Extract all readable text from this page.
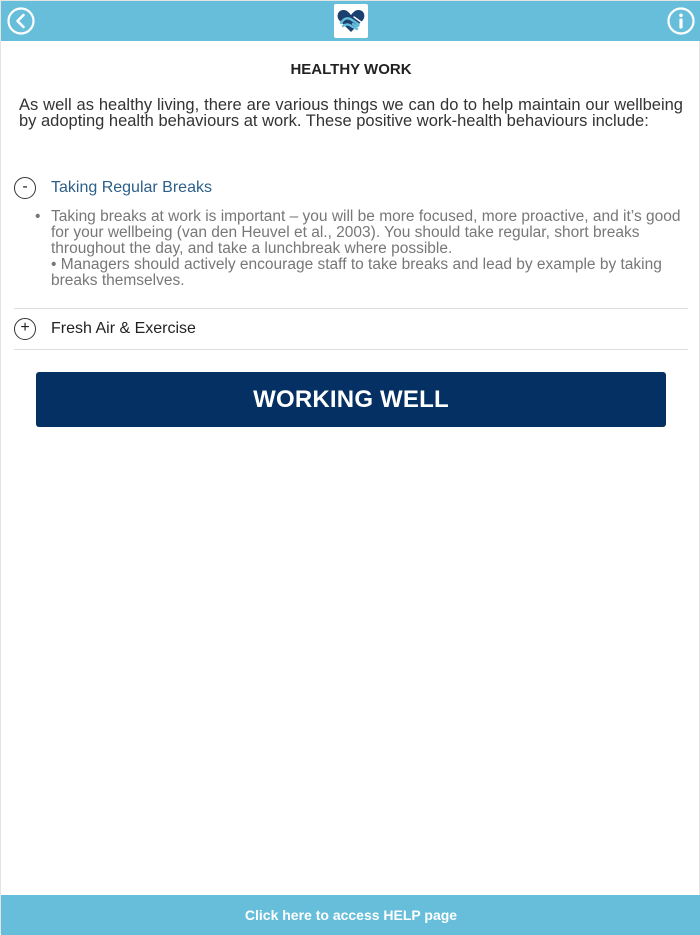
HEALTHY WORK
As well as healthy living, there are various things we can do to help maintain our wellbeing by adopting health behaviours at work. These positive work-health behaviours include:
-	Taking Regular Breaks
• Taking breaks at work is important – you will be more focused, more proactive, and it’s good for your wellbeing (van den Heuvel et al., 2003). You should take regular, short breaks throughout the day, and take a lunchbreak where possible.
• Managers should actively encourage staff to take breaks and lead by example by taking breaks themselves.
+	Fresh Air & Exercise
WORKING WELL
Click here to access HELP page
